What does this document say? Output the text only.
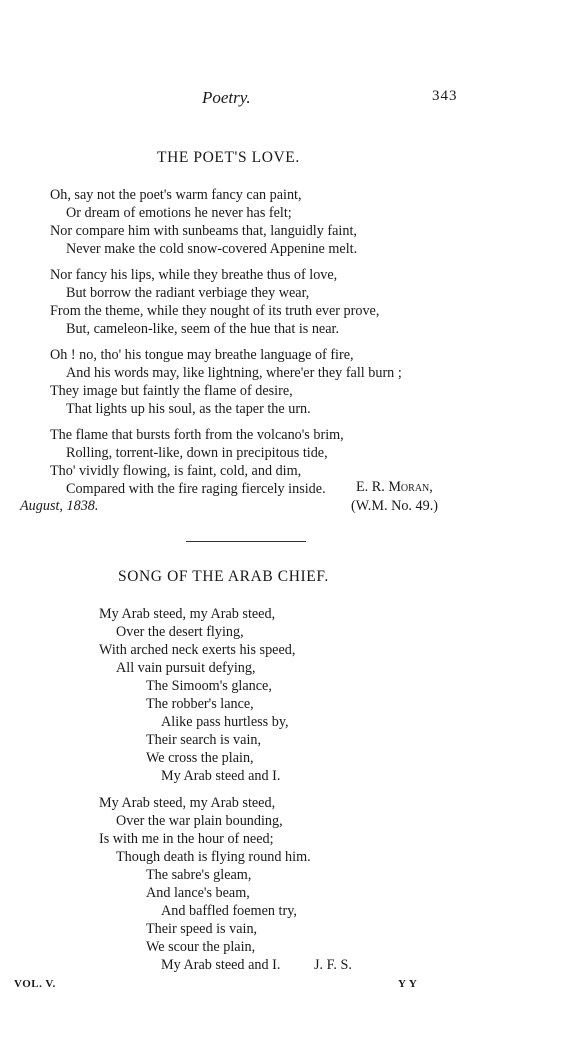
Poetry.	343
THE POET'S LOVE.
Oh, say not the poet's warm fancy can paint,
Or dream of emotions he never has felt;
Nor compare him with sunbeams that, languidly faint,
Never make the cold snow-covered Appenine melt.
Nor fancy his lips, while they breathe thus of love,
But borrow the radiant verbiage they wear,
From the theme, while they nought of its truth ever prove,
But, cameleon-like, seem of the hue that is near.
Oh ! no, tho' his tongue may breathe language of fire,
And his words may, like lightning, where'er they fall burn ;
They image but faintly the flame of desire,
That lights up his soul, as the taper the urn.
The flame that bursts forth from the volcano's brim,
Rolling, torrent-like, down in precipitous tide,
Tho' vividly flowing, is faint, cold, and dim,
Compared with the fire raging fiercely inside. E. R. Moran,
August, 1838.	(W.M. No. 49.)
SONG OF THE ARAB CHIEF.
My Arab steed, my Arab steed,
Over the desert flying,
With arched neck exerts his speed,
All vain pursuit defying,
The Simoom's glance,
The robber's lance,
Alike pass hurtless by,
Their search is vain,
We cross the plain,
My Arab steed and I.
My Arab steed, my Arab steed,
Over the war plain bounding,
Is with me in the hour of need;
Though death is flying round him.
The sabre's gleam,
And lance's beam,
And baffled foemen try,
Their speed is vain,
We scour the plain,
My Arab steed and I. J. F. S.
VOL. V.	Y Y
